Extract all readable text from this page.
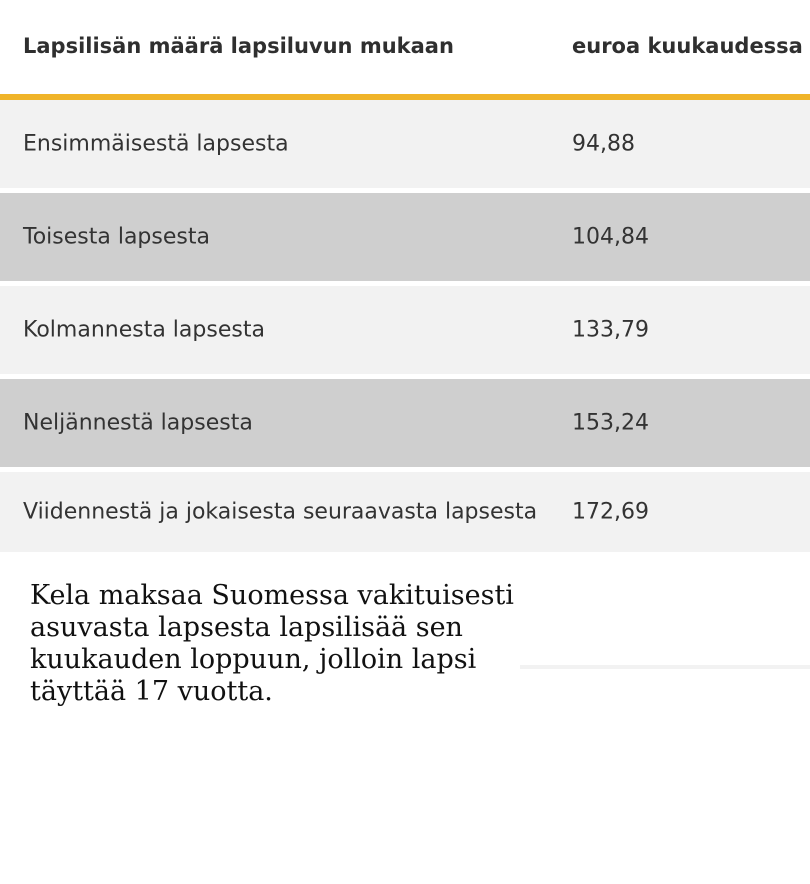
Lapsilisän määrä lapsiluvun mukaan	euroa kuukaudessa
Ensimmäisestä lapsesta	94,88
Toisesta lapsesta	104,84
Kolmannesta lapsesta	133,79
Neljännestä lapsesta	153,24
Viidennestä ja jokaisesta seuraavasta lapsesta 172,69
Kela maksaa Suomessa vakituisesti
asuvasta lapsesta lapsilisää sen
kuukauden loppuun, jolloin lapsi
täyttää 17 vuotta.
